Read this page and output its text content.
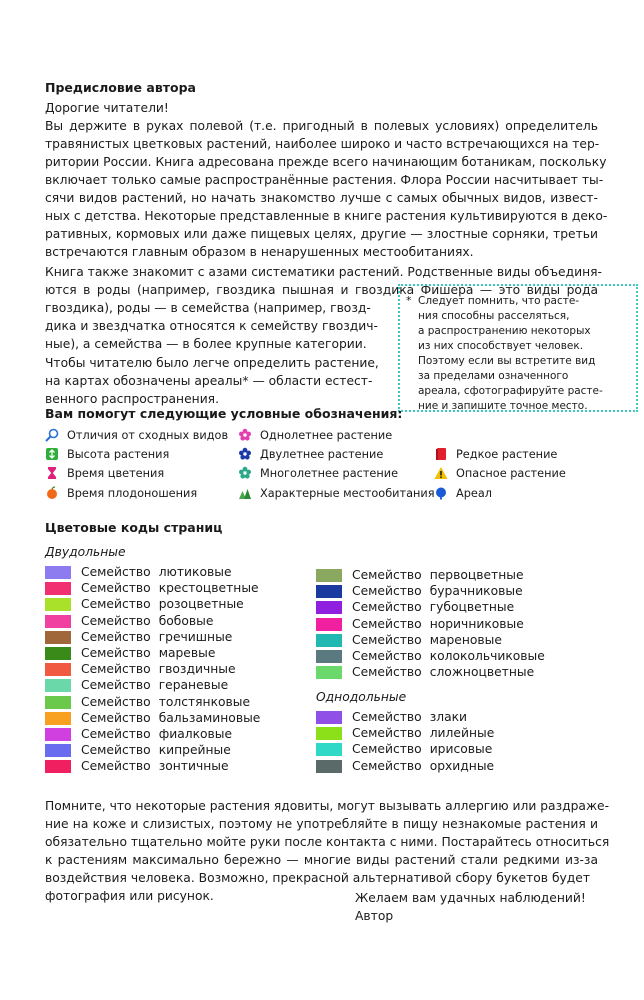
Предисловие автора
Дорогие читатели!
Вы держите в руках полевой (т.е. пригодный в полевых условиях) определитель
травянистых цветковых растений, наиболее широко и часто встречающихся на тер-
ритории России. Книга адресована прежде всего начинающим ботаникам, поскольку
включает только самые распространённые растения. Флора России насчитывает ты-
сячи видов растений, но начать знакомство лучше с самых обычных видов, извест-
ных с детства. Некоторые представленные в книге растения культивируются в деко-
ративных, кормовых или даже пищевых целях, другие — злостные сорняки, третьи
встречаются главным образом в ненарушенных местообитаниях.
Книга также знакомит с азами систематики растений. Родственные виды объединя-
ются в роды (например, гвоздика пышная и гвоздика Фишера — это виды рода
гвоздика), роды — в семейства (например, гвозд-
дика и звездчатка относятся к семейству гвоздич-
ные), а семейства — в более крупные категории.
Чтобы читателю было легче определить растение,
на картах обозначены ареалы* — области естест-
венного распространения.
* Следует помнить, что расте-
ния способны расселяться,
а распространению некоторых
из них способствует человек.
Поэтому если вы встретите вид
за пределами означенного
ареала, сфотографируйте расте-
ние и запишите точное место.
Вам помогут следующие условные обозначения:
Отличия от сходных видов
Высота растения
Время цветения
Время плодоношения
Однолетнее растение
Двулетнее растение
Многолетнее растение
Характерные местообитания
Редкое растение
Опасное растение
Ареал
Цветовые коды страниц
Двудольные
Однодольные
Семейство лютиковые
Семейство крестоцветные
Семейство розоцветные
Семейство бобовые
Семейство гречишные
Семейство маревые
Семейство гвоздичные
Семейство гераневые
Семейство толстянковые
Семейство бальзаминовые
Семейство фиалковые
Семейство кипрейные
Семейство зонтичные
Семейство первоцветные
Семейство бурачниковые
Семейство губоцветные
Семейство норичниковые
Семейство мареновые
Семейство колокольчиковые
Семейство сложноцветные
Семейство злаки
Семейство лилейные
Семейство ирисовые
Семейство орхидные
Помните, что некоторые растения ядовиты, могут вызывать аллергию или раздраже-
ние на коже и слизистых, поэтому не употребляйте в пищу незнакомые растения и
обязательно тщательно мойте руки после контакта с ними. Постарайтесь относиться
к растениям максимально бережно — многие виды растений стали редкими из-за
воздействия человека. Возможно, прекрасной альтернативой сбору букетов будет
фотография или рисунок.	Желаем вам удачных наблюдений!
Автор
